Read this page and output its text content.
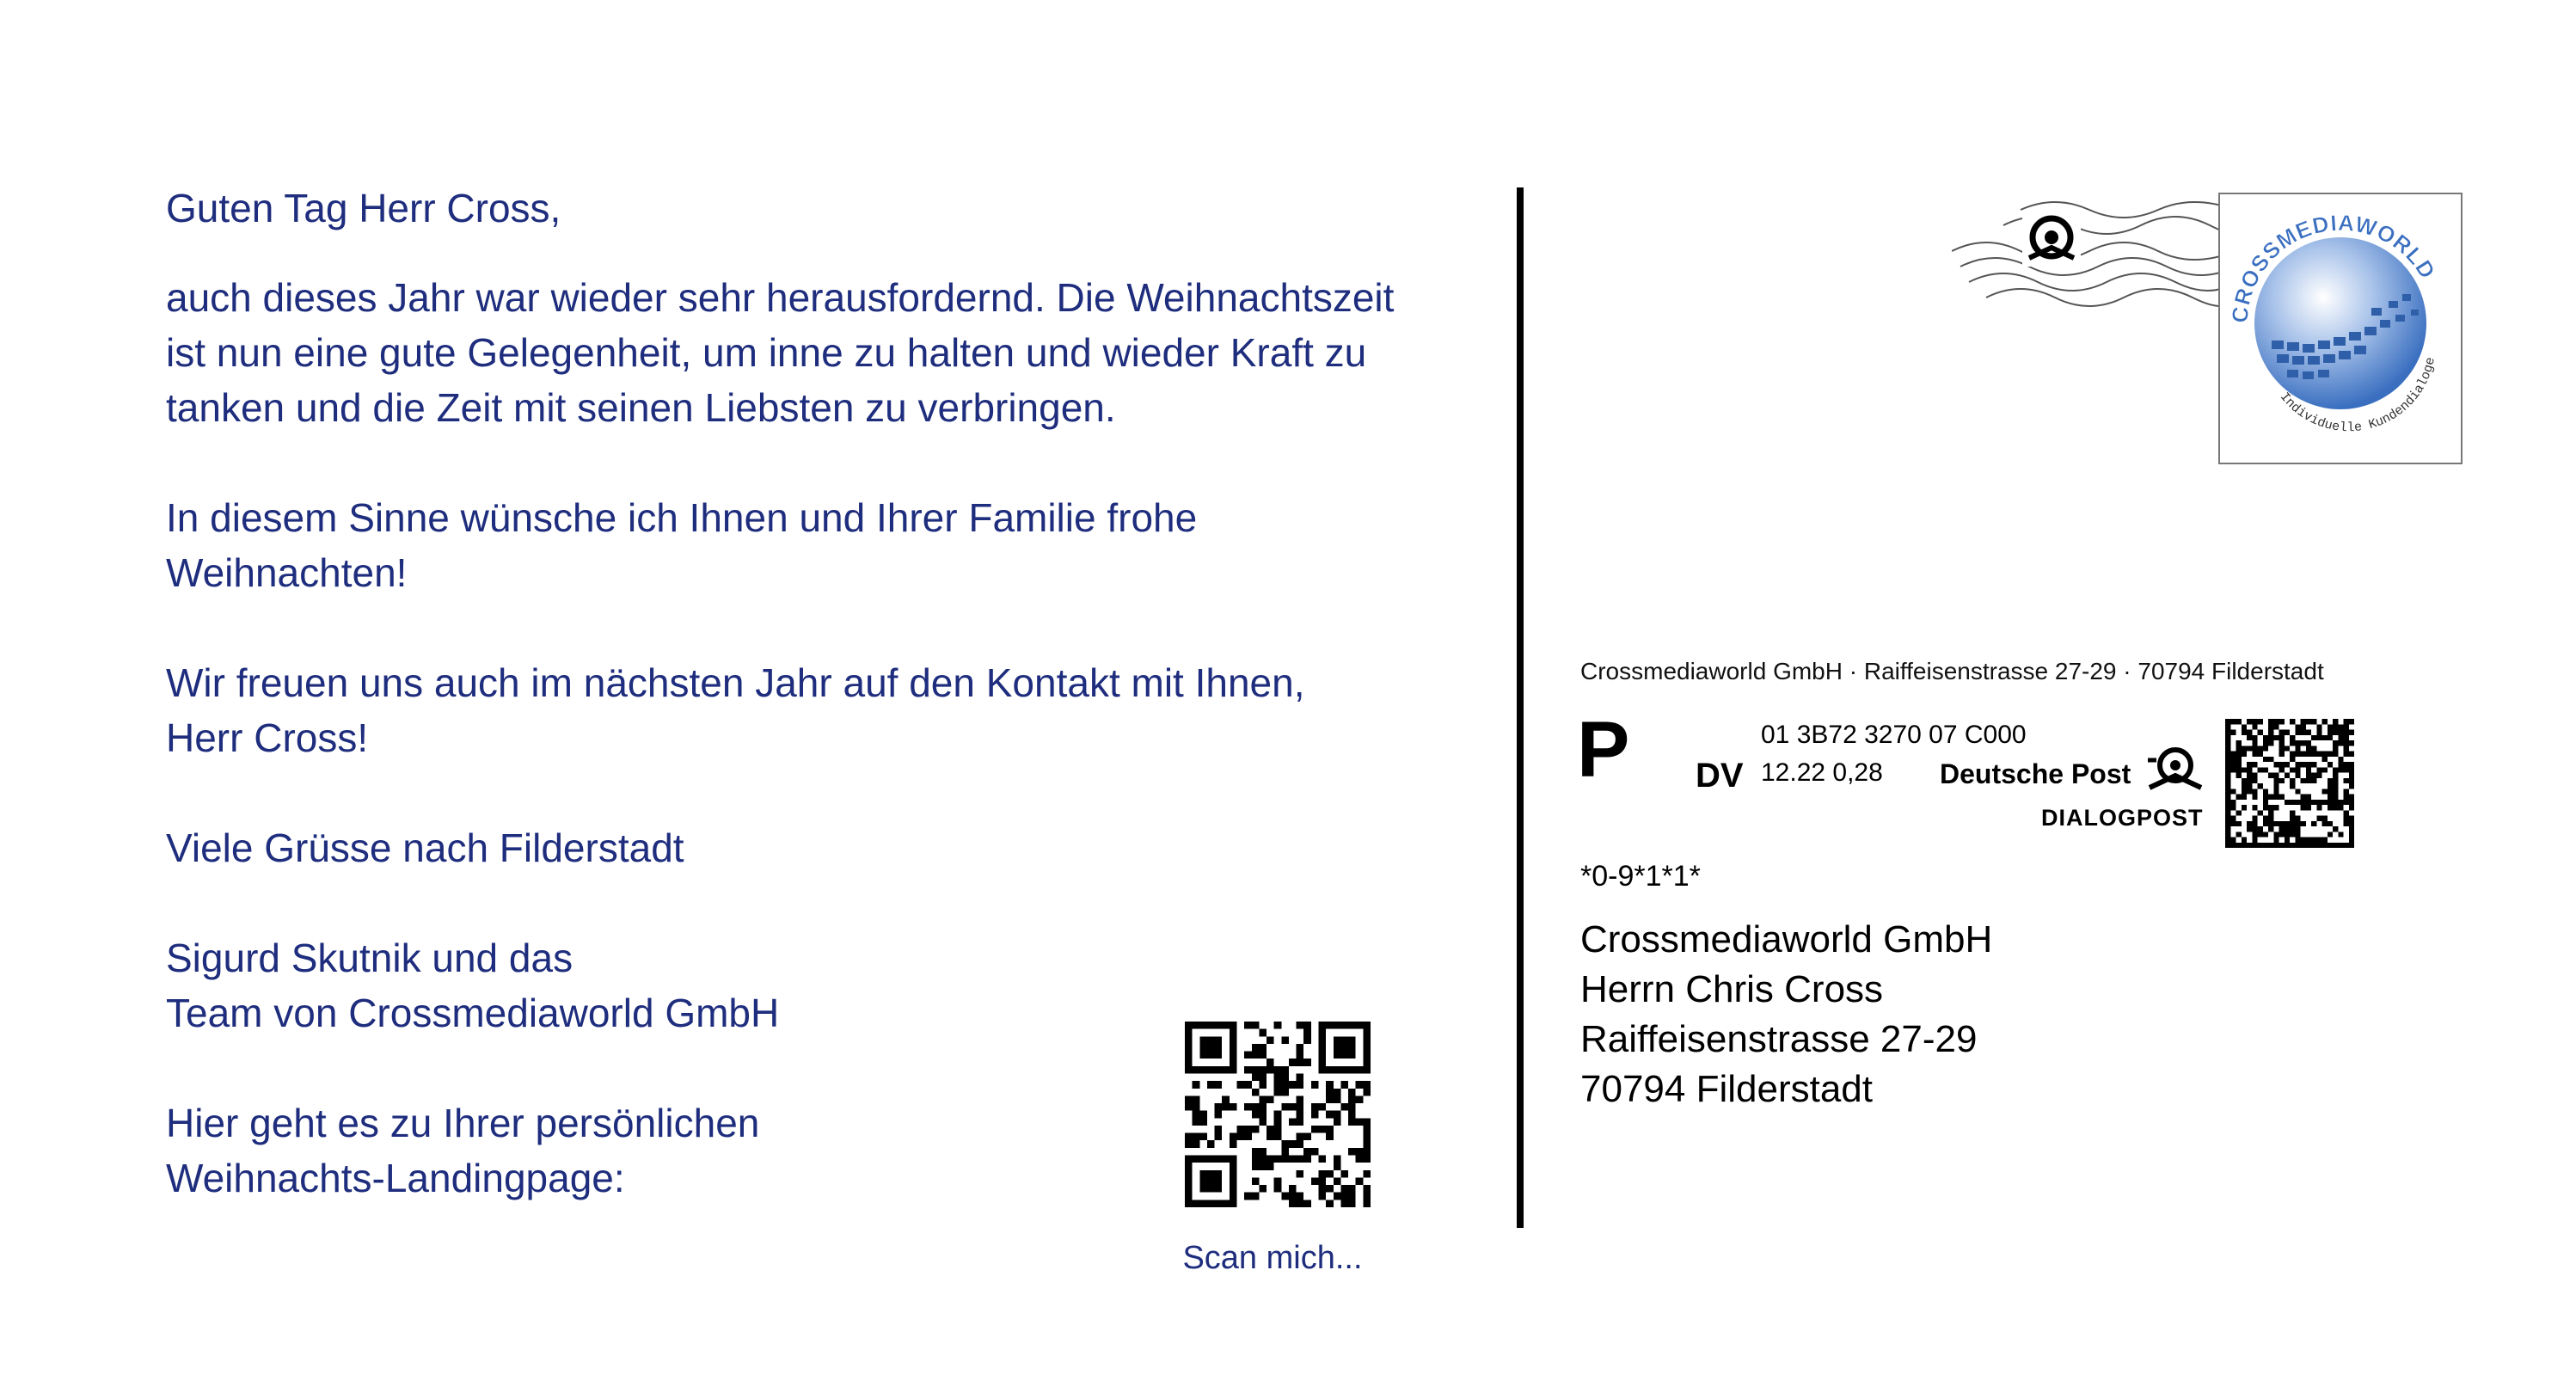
Guten Tag Herr Cross,

auch dieses Jahr war wieder sehr herausfordernd. Die Weihnachtszeit
ist nun eine gute Gelegenheit, um inne zu halten und wieder Kraft zu
tanken und die Zeit mit seinen Liebsten zu verbringen.

In diesem Sinne wünsche ich Ihnen und Ihrer Familie frohe
Weihnachten!

Wir freuen uns auch im nächsten Jahr auf den Kontakt mit Ihnen,
Herr Cross!

Viele Grüsse nach Filderstadt

Sigurd Skutnik und das
Team von Crossmediaworld GmbH

Hier geht es zu Ihrer persönlichen
Weihnachts-Landingpage:

Scan mich...
CROSSMEDIAWORLD
Individuelle Kundendialoge
Crossmediaworld GmbH · Raiffeisenstrasse 27-29 · 70794 Filderstadt
P DV
01 3B72 3270 07 C000
12.22 0,28 Deutsche Post
DIALOGPOST
*0-9*1*1*
Crossmediaworld GmbH
Herrn Chris Cross
Raiffeisenstrasse 27-29
70794 Filderstadt
